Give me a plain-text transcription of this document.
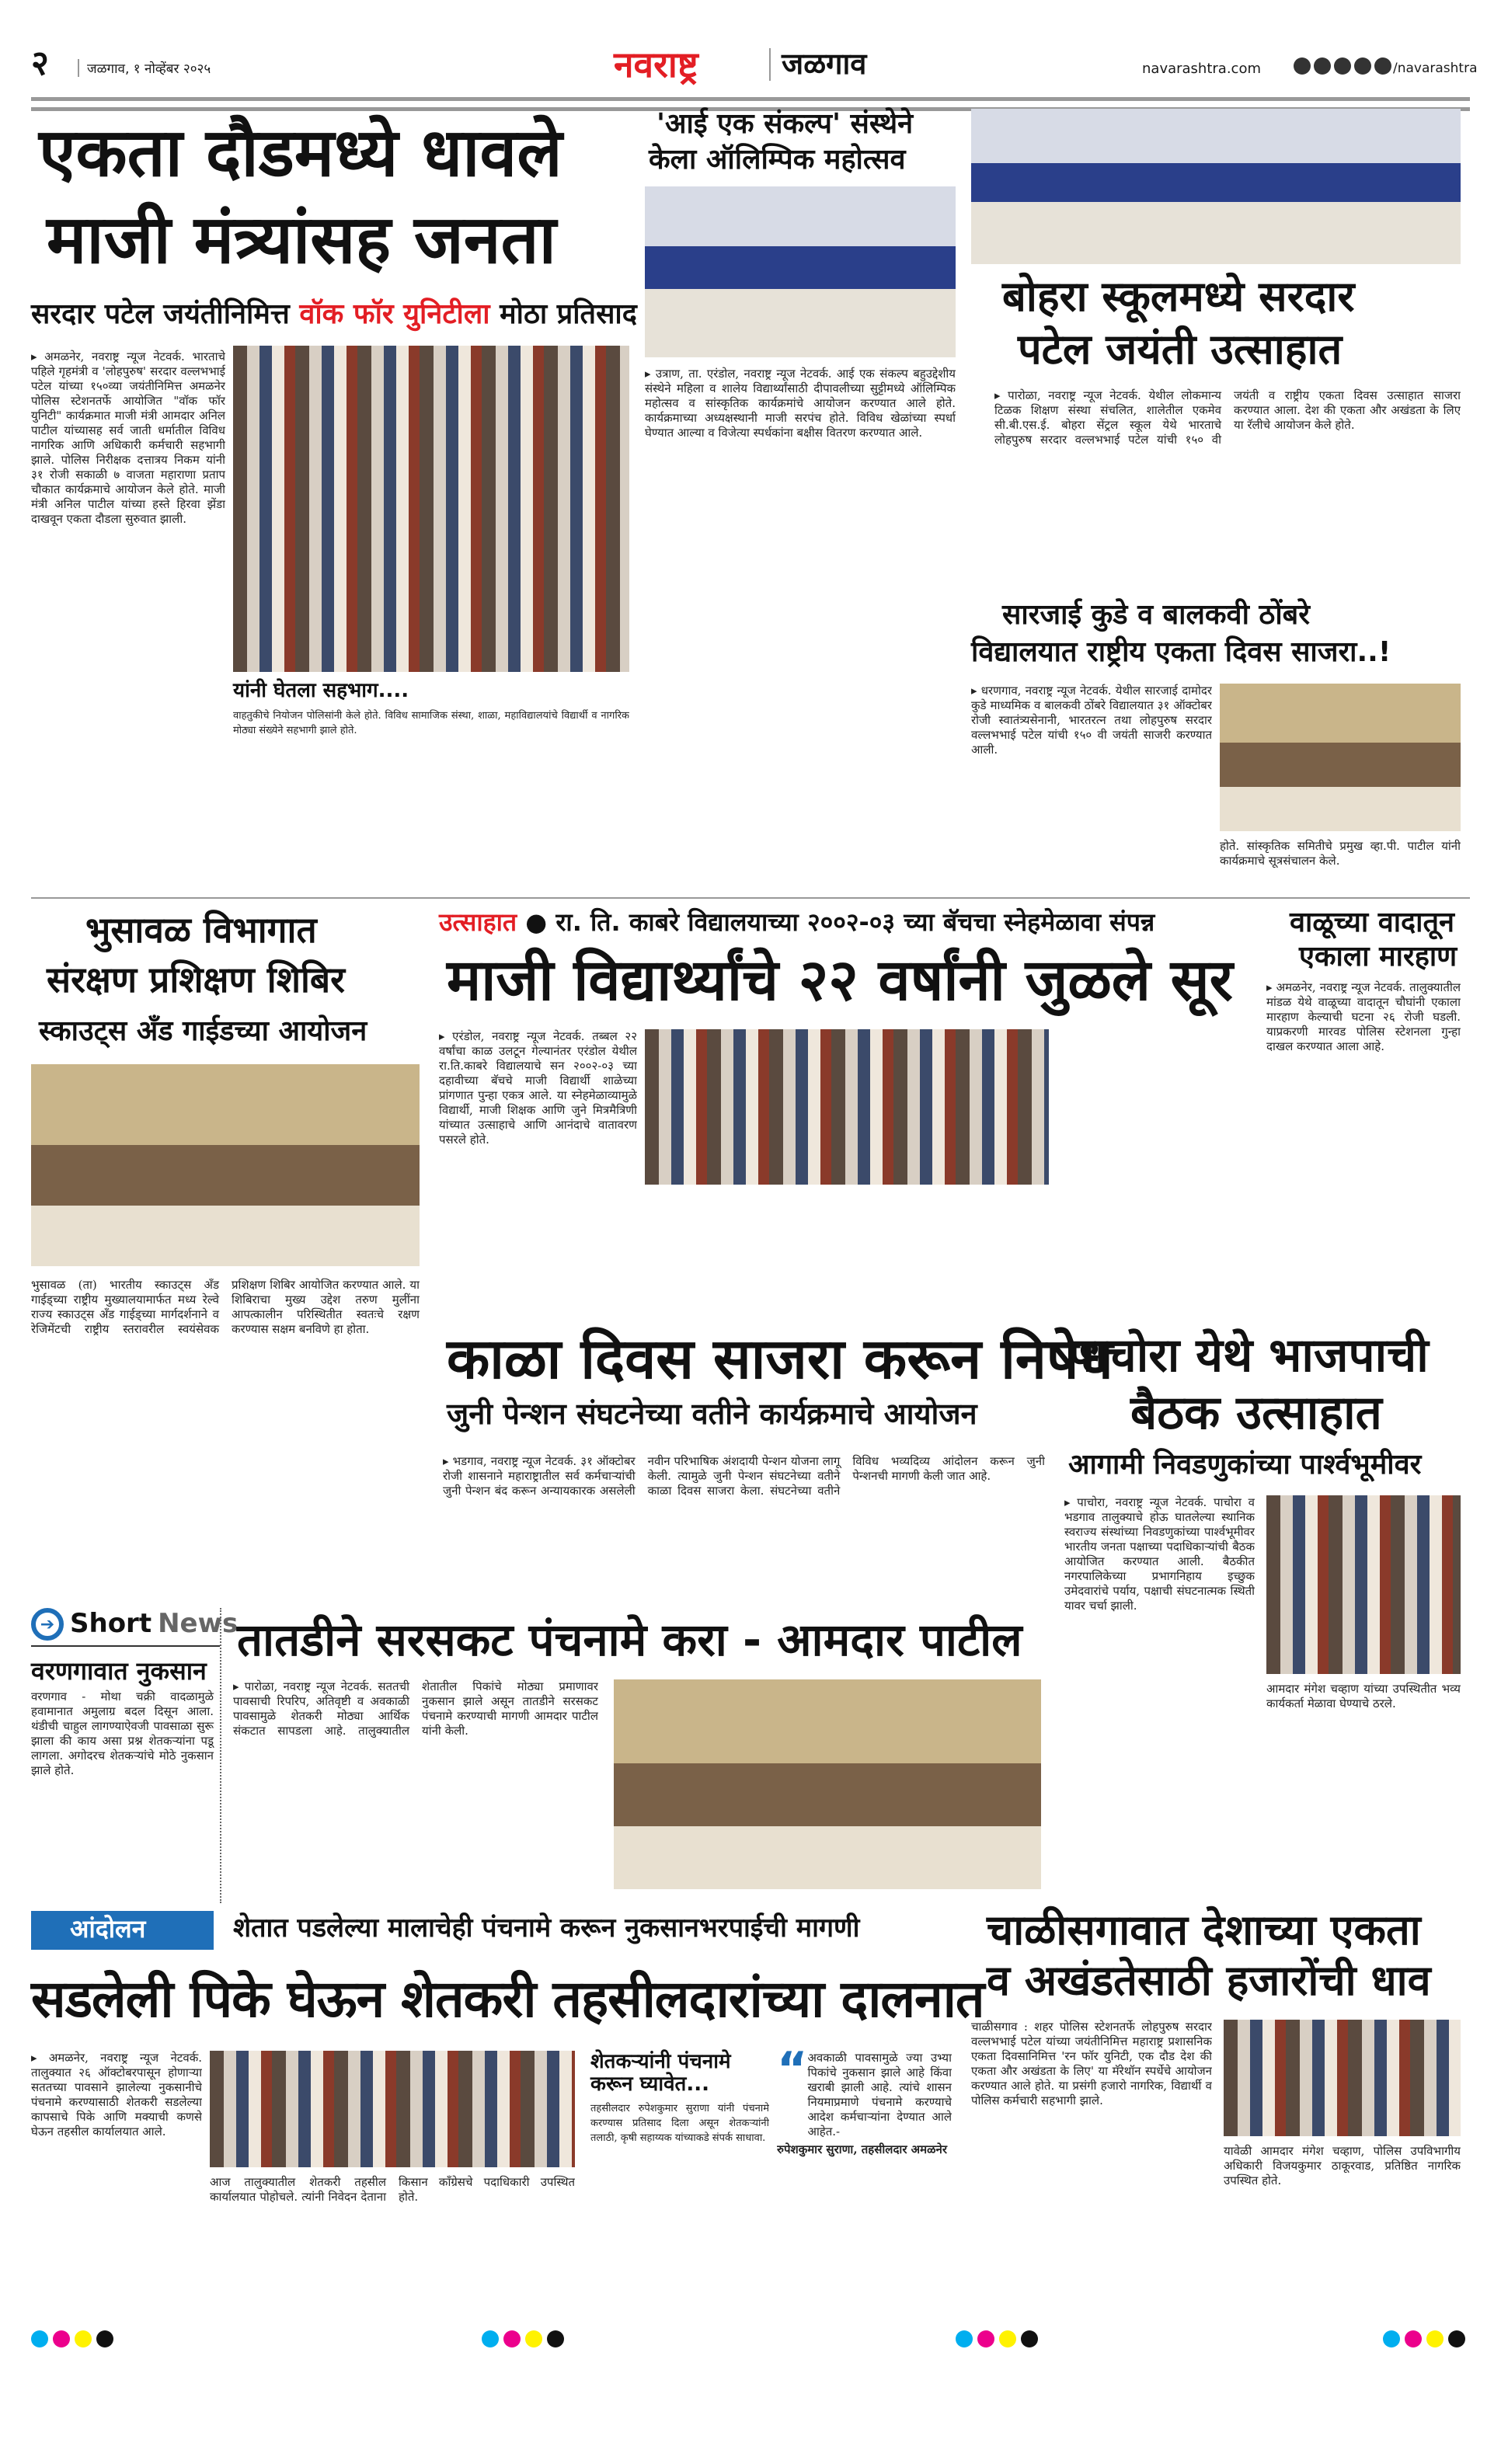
२	जळगाव, १ नोव्हेंबर २०२५	नवराष्ट्र	जळगाव	navarashtra.com	/navarashtra
एकता दौडमध्ये धावले
माजी मंत्र्यांसह जनता
सरदार पटेल जयंतीनिमित्त वॉक फॉर युनिटीला मोठा प्रतिसाद
▸ अमळनेर, नवराष्ट्र न्यूज नेटवर्क. भारताचे पहिले गृहमंत्री व 'लोहपुरुष' सरदार वल्लभभाई पटेल यांच्या १५०व्या जयंतीनिमित्त अमळनेर पोलिस स्टेशनतर्फे आयोजित "वॉक फॉर युनिटी" कार्यक्रमात माजी मंत्री आमदार अनिल पाटील यांच्यासह सर्व जाती धर्मातील विविध नागरिक आणि अधिकारी कर्मचारी सहभागी झाले. पोलिस निरीक्षक दत्तात्रय निकम यांनी ३१ रोजी सकाळी ७ वाजता महाराणा प्रताप चौकात कार्यक्रमाचे आयोजन केले होते. माजी मंत्री अनिल पाटील यांच्या हस्ते हिरवा झेंडा दाखवून एकता दौडला सुरुवात झाली.
यांनी घेतला सहभाग....
वाहतुकीचे नियोजन पोलिसांनी केले होते. विविध सामाजिक संस्था, शाळा, महाविद्यालयांचे विद्यार्थी व नागरिक मोठ्या संख्येने सहभागी झाले होते.
'आई एक संकल्प' संस्थेने
केला ऑलिम्पिक महोत्सव
▸ उत्राण, ता. एरंडोल, नवराष्ट्र न्यूज नेटवर्क. आई एक संकल्प बहुउद्देशीय संस्थेने महिला व शालेय विद्यार्थ्यांसाठी दीपावलीच्या सुट्टीमध्ये ऑलिम्पिक महोत्सव व सांस्कृतिक कार्यक्रमांचे आयोजन करण्यात आले होते. कार्यक्रमाच्या अध्यक्षस्थानी माजी सरपंच होते. विविध खेळांच्या स्पर्धा घेण्यात आल्या व विजेत्या स्पर्धकांना बक्षीस वितरण करण्यात आले.
बोहरा स्कूलमध्ये सरदार
पटेल जयंती उत्साहात
▸ पारोळा, नवराष्ट्र न्यूज नेटवर्क. येथील लोकमान्य टिळक शिक्षण संस्था संचलित, शालेतील एकमेव सी.बी.एस.ई. बोहरा सेंट्रल स्कूल येथे भारताचे लोहपुरुष सरदार वल्लभभाई पटेल यांची १५० वी जयंती व राष्ट्रीय एकता दिवस उत्साहात साजरा करण्यात आला. देश की एकता और अखंडता के लिए या रॅलीचे आयोजन केले होते.
सारजाई कुडे व बालकवी ठोंबरे
विद्यालयात राष्ट्रीय एकता दिवस साजरा..!
▸ धरणगाव, नवराष्ट्र न्यूज नेटवर्क. येथील सारजाई दामोदर कुडे माध्यमिक व बालकवी ठोंबरे विद्यालयात ३१ ऑक्टोबर रोजी स्वातंत्र्यसेनानी, भारतरत्न तथा लोहपुरुष सरदार वल्लभभाई पटेल यांची १५० वी जयंती साजरी करण्यात आली.
होते. सांस्कृतिक समितीचे प्रमुख व्हा.पी. पाटील यांनी कार्यक्रमाचे सूत्रसंचालन केले.
भुसावळ विभागात
संरक्षण प्रशिक्षण शिबिर
स्काउट्स अँड गाईडच्या आयोजन
भुसावळ (ता) भारतीय स्काउट्स अँड गाईड्च्या राष्ट्रीय मुख्यालयामार्फत मध्य रेल्वे राज्य स्काउट्स अँड गाईड्च्या मार्गदर्शनाने व रेजिमेंटची राष्ट्रीय स्तरावरील स्वयंसेवक प्रशिक्षण शिबिर आयोजित करण्यात आले. या शिबिराचा मुख्य उद्देश तरुण मुलींना आपत्कालीन परिस्थितीत स्वतःचे रक्षण करण्यास सक्षम बनविणे हा होता.
उत्साहात ● रा. ति. काबरे विद्यालयाच्या २००२-०३ च्या बॅचचा स्नेहमेळावा संपन्न
माजी विद्यार्थ्यांचे २२ वर्षांनी जुळले सूर
▸ एरंडोल, नवराष्ट्र न्यूज नेटवर्क. तब्बल २२ वर्षांचा काळ उलटून गेल्यानंतर एरंडोल येथील रा.ति.काबरे विद्यालयाचे सन २००२-०३ च्या दहावीच्या बॅचचे माजी विद्यार्थी शाळेच्या प्रांगणात पुन्हा एकत्र आले. या स्नेहमेळाव्यामुळे विद्यार्थी, माजी शिक्षक आणि जुने मित्रमैत्रिणी यांच्यात उत्साहाचे आणि आनंदाचे वातावरण पसरले होते.
वाळूच्या वादातून
एकाला मारहाण
▸ अमळनेर, नवराष्ट्र न्यूज नेटवर्क. तालुक्यातील मांडळ येथे वाळूच्या वादातून चौघांनी एकाला मारहाण केल्याची घटना २६ रोजी घडली. याप्रकरणी मारवड पोलिस स्टेशनला गुन्हा दाखल करण्यात आला आहे.
काळा दिवस साजरा करून निषेध
जुनी पेन्शन संघटनेच्या वतीने कार्यक्रमाचे आयोजन
▸ भडगाव, नवराष्ट्र न्यूज नेटवर्क. ३१ ऑक्टोबर रोजी शासनाने महाराष्ट्रातील सर्व कर्मचाऱ्यांची जुनी पेन्शन बंद करून अन्यायकारक असलेली नवीन परिभाषिक अंशदायी पेन्शन योजना लागू केली. त्यामुळे जुनी पेन्शन संघटनेच्या वतीने काळा दिवस साजरा केला. संघटनेच्या वतीने विविध भव्यदिव्य आंदोलन करून जुनी पेन्शनची मागणी केली जात आहे.
पाचोरा येथे भाजपाची
बैठक उत्साहात
आगामी निवडणुकांच्या पार्श्वभूमीवर
▸ पाचोरा, नवराष्ट्र न्यूज नेटवर्क. पाचोरा व भडगाव तालुक्याचे होऊ घातलेल्या स्थानिक स्वराज्य संस्थांच्या निवडणुकांच्या पार्श्वभूमीवर भारतीय जनता पक्षाच्या पदाधिकाऱ्यांची बैठक आयोजित करण्यात आली. बैठकीत नगरपालिकेच्या प्रभागनिहाय इच्छुक उमेदवारांचे पर्याय, पक्षाची संघटनात्मक स्थिती यावर चर्चा झाली.
आमदार मंगेश चव्हाण यांच्या उपस्थितीत भव्य कार्यकर्ता मेळावा घेण्याचे ठरले.
➔ Short News
वरणगावात नुकसान
वरणगाव - मोथा चक्री वादळामुळे हवामानात अमुलाग्र बदल दिसून आला. थंडीची चाहुल लागण्याऐवजी पावसाळा सुरू झाला की काय असा प्रश्न शेतकऱ्यांना पडू लागला. अगोदरच शेतकऱ्यांचे मोठे नुकसान झाले होते.
तातडीने सरसकट पंचनामे करा - आमदार पाटील
▸ पारोळा, नवराष्ट्र न्यूज नेटवर्क. सततची पावसाची रिपरिप, अतिवृष्टी व अवकाळी पावसामुळे शेतकरी मोठ्या आर्थिक संकटात सापडला आहे. तालुक्यातील शेतातील पिकांचे मोठ्या प्रमाणावर नुकसान झाले असून तातडीने सरसकट पंचनामे करण्याची मागणी आमदार पाटील यांनी केली.
आंदोलन	शेतात पडलेल्या मालाचेही पंचनामे करून नुकसानभरपाईची मागणी
सडलेली पिके घेऊन शेतकरी तहसीलदारांच्या दालनात
▸ अमळनेर, नवराष्ट्र न्यूज नेटवर्क. तालुक्यात २६ ऑक्टोबरपासून होणाऱ्या सततच्या पावसाने झालेल्या नुकसानीचे पंचनामे करण्यासाठी शेतकरी सडलेल्या कापसाचे पिके आणि मक्याची कणसे घेऊन तहसील कार्यालयात आले.
आज तालुक्यातील शेतकरी तहसील कार्यालयात पोहोचले. त्यांनी निवेदन देताना किसान काँग्रेसचे पदाधिकारी उपस्थित होते.
शेतकऱ्यांनी पंचनामे करून घ्यावेत...
तहसीलदार रुपेशकुमार सुराणा यांनी पंचनामे करण्यास प्रतिसाद दिला असून शेतकऱ्यांनी तलाठी, कृषी सहाय्यक यांच्याकडे संपर्क साधावा.
“ अवकाळी पावसामुळे ज्या उभ्या पिकांचे नुकसान झाले आहे किंवा खराबी झाली आहे. त्यांचे शासन नियमाप्रमाणे पंचनामे करण्याचे आदेश कर्मचाऱ्यांना देण्यात आले आहेत.-
रुपेशकुमार सुराणा, तहसीलदार अमळनेर
चाळीसगावात देशाच्या एकता
व अखंडतेसाठी हजारोंची धाव
चाळीसगाव : शहर पोलिस स्टेशनतर्फे लोहपुरुष सरदार वल्लभभाई पटेल यांच्या जयंतीनिमित्त महाराष्ट्र प्रशासनिक एकता दिवसानिमित्त 'रन फॉर युनिटी, एक दौड देश की एकता और अखंडता के लिए' या मॅरेथॉन स्पर्धेचे आयोजन करण्यात आले होते. या प्रसंगी हजारो नागरिक, विद्यार्थी व पोलिस कर्मचारी सहभागी झाले.
यावेळी आमदार मंगेश चव्हाण, पोलिस उपविभागीय अधिकारी विजयकुमार ठाकूरवाड, प्रतिष्ठित नागरिक उपस्थित होते.
